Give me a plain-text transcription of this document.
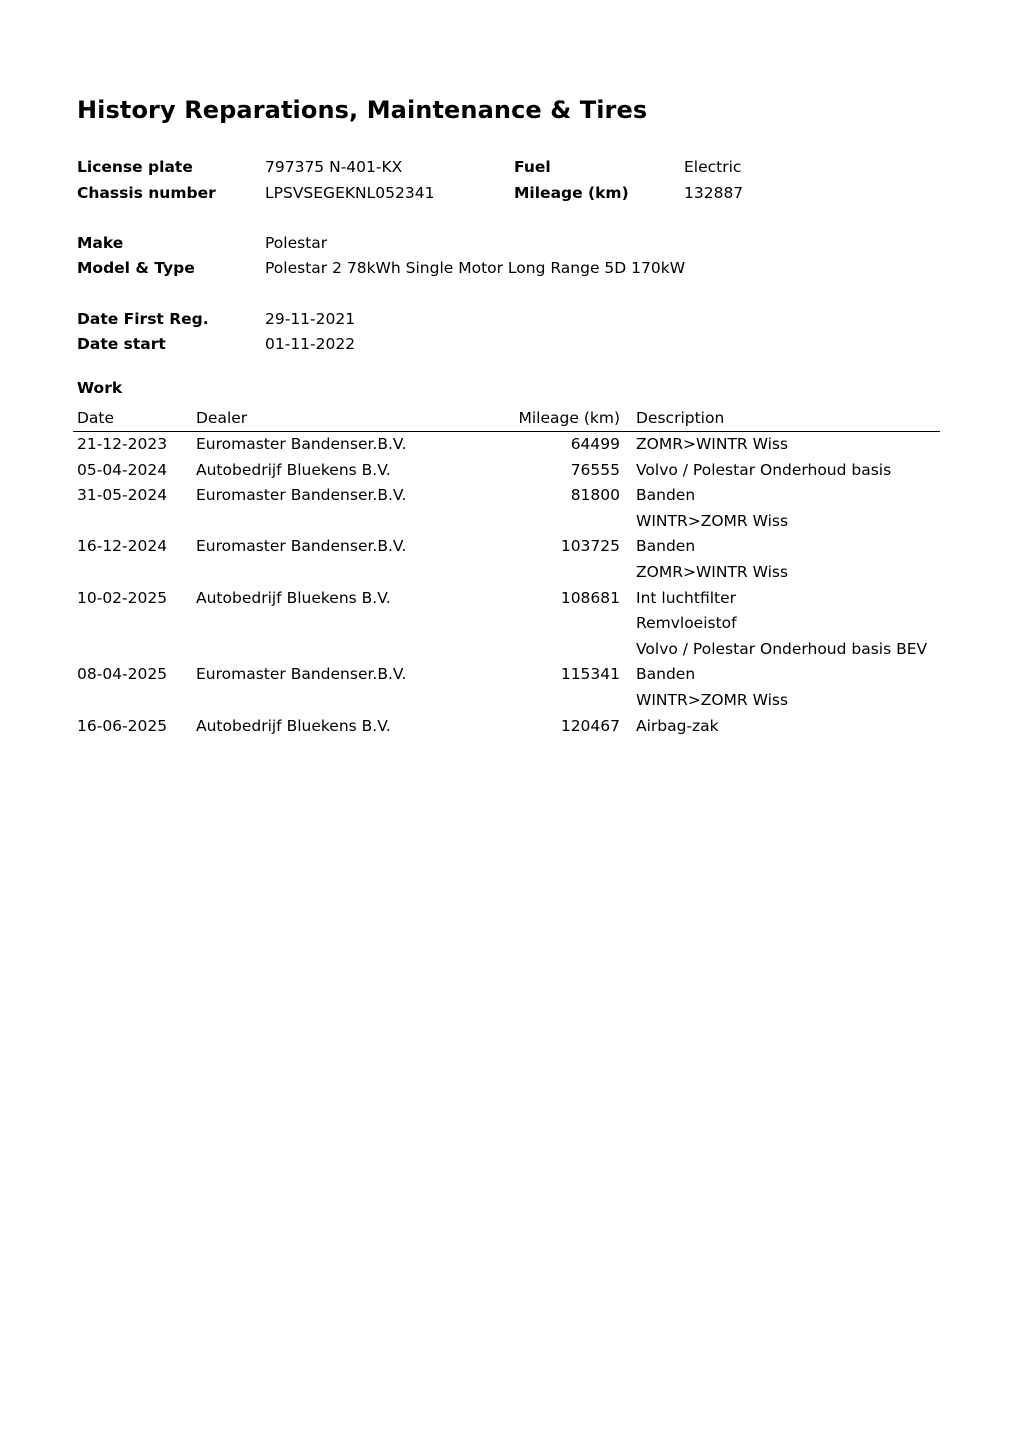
History Reparations, Maintenance & Tires
License plate	797375 N-401-KX	Fuel	Electric
Chassis number	LPSVSEGEKNL052341	Mileage (km)	132887
Make	Polestar
Model & Type	Polestar 2 78kWh Single Motor Long Range 5D 170kW
Date First Reg.	29-11-2021
Date start	01-11-2022
Work
Date	Dealer	Mileage (km) Description
21-12-2023 Euromaster Bandenser.B.V.	64499 ZOMR>WINTR Wiss
05-04-2024 Autobedrijf Bluekens B.V.	76555 Volvo / Polestar Onderhoud basis
31-05-2024 Euromaster Bandenser.B.V.	81800 Banden
WINTR>ZOMR Wiss
16-12-2024 Euromaster Bandenser.B.V.	103725 Banden
ZOMR>WINTR Wiss
10-02-2025 Autobedrijf Bluekens B.V.	108681 Int luchtfilter
Remvloeistof
Volvo / Polestar Onderhoud basis BEV
08-04-2025 Euromaster Bandenser.B.V.	115341 Banden
WINTR>ZOMR Wiss
16-06-2025 Autobedrijf Bluekens B.V.	120467 Airbag-zak
